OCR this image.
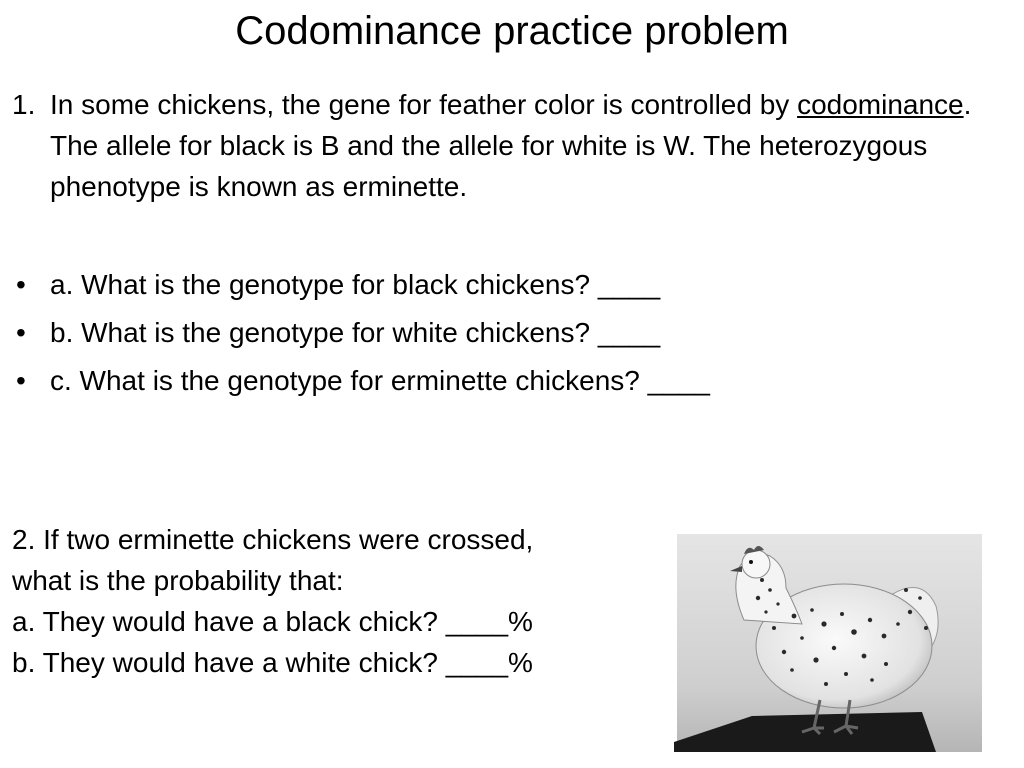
Codominance practice problem
1. In some chickens, the gene for feather color is controlled by codominance. The allele for black is B and the allele for white is W. The heterozygous phenotype is known as erminette.
• a. What is the genotype for black chickens? ____
• b. What is the genotype for white chickens? ____
• c. What is the genotype for erminette chickens? ____
2. If two erminette chickens were crossed,
what is the probability that:
a. They would have a black chick? ____%
b. They would have a white chick? ____%
